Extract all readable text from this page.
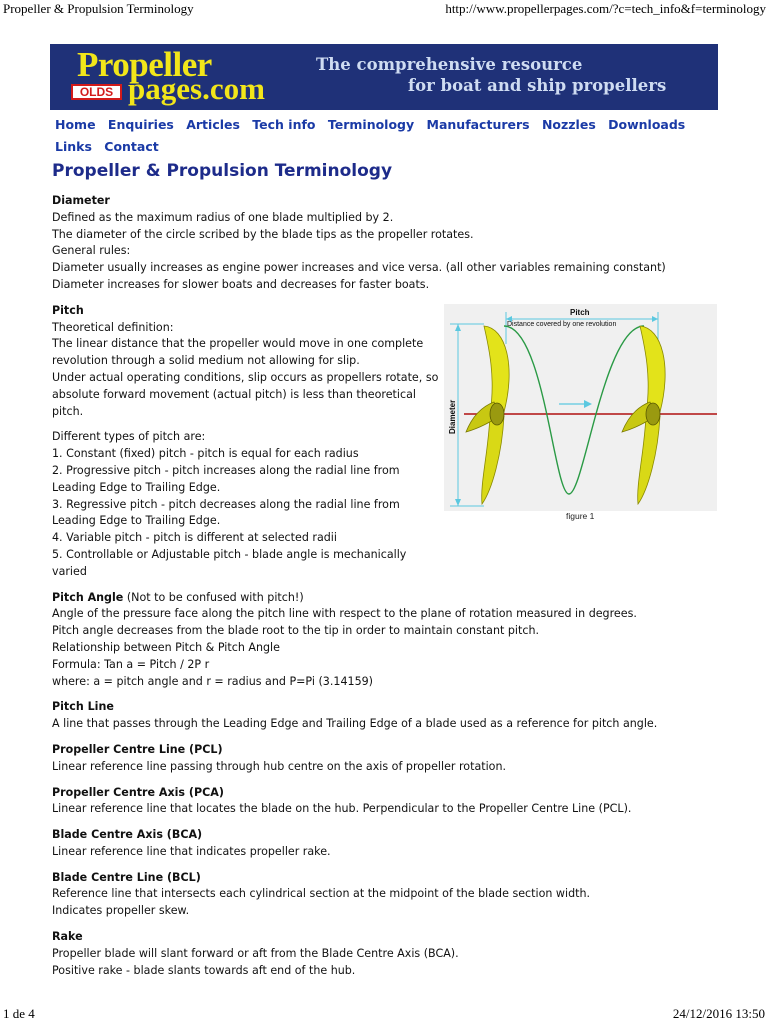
Propeller & Propulsion Terminology	http://www.propellerpages.com/?c=tech_info&f=terminology
Propeller
OLDS pages.com
The comprehensive resource
for boat and ship propellers
Home Enquiries Articles Tech info Terminology Manufacturers Nozzles Downloads Links Contact
Propeller & Propulsion Terminology

Diameter

Defined as the maximum radius of one blade multiplied by 2.

The diameter of the circle scribed by the blade tips as the propeller rotates.

General rules:

Diameter usually increases as engine power increases and vice versa. (all other variables remaining constant)

Diameter increases for slower boats and decreases for faster boats.

Pitch

Theoretical definition:

The linear distance that the propeller would move in one complete

revolution through a solid medium not allowing for slip.

Under actual operating conditions, slip occurs as propellers rotate, so

absolute forward movement (actual pitch) is less than theoretical

pitch.

Different types of pitch are:

1. Constant (fixed) pitch - pitch is equal for each radius

2. Progressive pitch - pitch increases along the radial line from

Leading Edge to Trailing Edge.

3. Regressive pitch - pitch decreases along the radial line from

Leading Edge to Trailing Edge.

4. Variable pitch - pitch is different at selected radii

5. Controllable or Adjustable pitch - blade angle is mechanically varied

Pitch Angle (Not to be confused with pitch!)

Angle of the pressure face along the pitch line with respect to the plane of rotation measured in degrees.

Pitch angle decreases from the blade root to the tip in order to maintain constant pitch.

Relationship between Pitch & Pitch Angle

Formula: Tan a = Pitch / 2P r

where: a = pitch angle and r = radius and P=Pi (3.14159)

Pitch Line

A line that passes through the Leading Edge and Trailing Edge of a blade used as a reference for pitch angle.

Propeller Centre Line (PCL)

Linear reference line passing through hub centre on the axis of propeller rotation.

Propeller Centre Axis (PCA)

Linear reference line that locates the blade on the hub. Perpendicular to the Propeller Centre Line (PCL).

Blade Centre Axis (BCA)

Linear reference line that indicates propeller rake.

Blade Centre Line (BCL)

Reference line that intersects each cylindrical section at the midpoint of the blade section width.

Indicates propeller skew.

Rake

Propeller blade will slant forward or aft from the Blade Centre Axis (BCA).

Positive rake - blade slants towards aft end of the hub.

Pitch
Distance covered by one revolution
Diameter
figure 1
1 de 4	24/12/2016 13:50
